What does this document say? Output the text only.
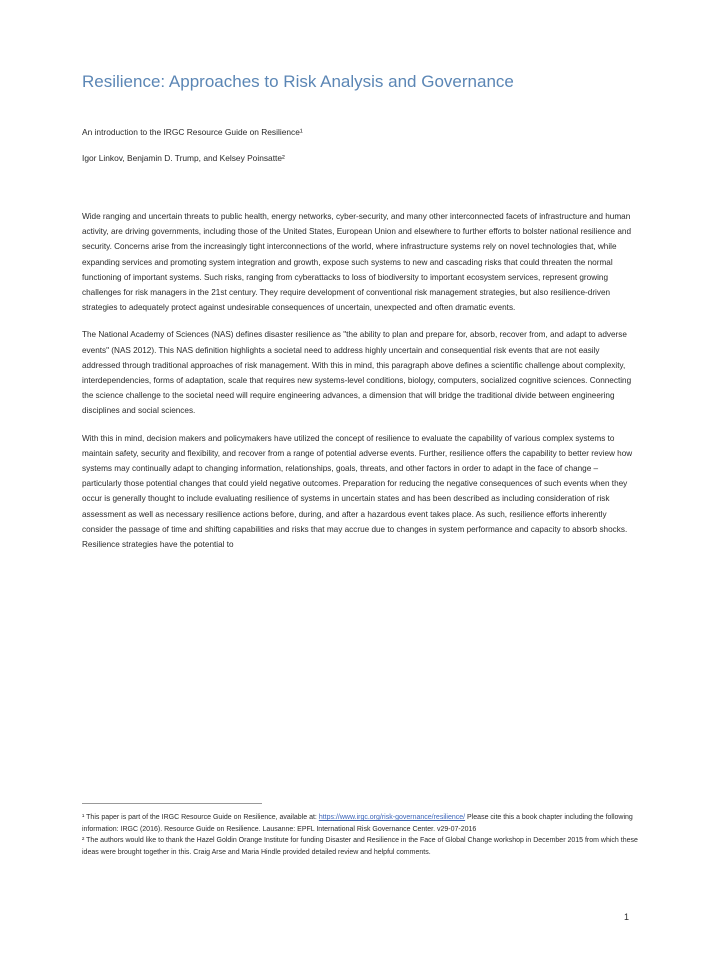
Resilience: Approaches to Risk Analysis and Governance
An introduction to the IRGC Resource Guide on Resilience¹
Igor Linkov, Benjamin D. Trump, and Kelsey Poinsatte²

Wide ranging and uncertain threats to public health, energy networks, cyber-security, and many other interconnected facets of infrastructure and human activity, are driving governments, including those of the United States, European Union and elsewhere to further efforts to bolster national resilience and security. Concerns arise from the increasingly tight interconnections of the world, where infrastructure systems rely on novel technologies that, while expanding services and promoting system integration and growth, expose such systems to new and cascading risks that could threaten the normal functioning of important systems. Such risks, ranging from cyberattacks to loss of biodiversity to important ecosystem services, represent growing challenges for risk managers in the 21st century. They require development of conventional risk management strategies, but also resilience-driven strategies to adequately protect against undesirable consequences of uncertain, unexpected and often dramatic events.

The National Academy of Sciences (NAS) defines disaster resilience as "the ability to plan and prepare for, absorb, recover from, and adapt to adverse events" (NAS 2012). This NAS definition highlights a societal need to address highly uncertain and consequential risk events that are not easily addressed through traditional approaches of risk management. With this in mind, this paragraph above defines a scientific challenge about complexity, interdependencies, forms of adaptation, scale that requires new systems-level conditions, biology, computers, socialized cognitive sciences. Connecting the science challenge to the societal need will require engineering advances, a dimension that will bridge the traditional divide between engineering disciplines and social sciences.

With this in mind, decision makers and policymakers have utilized the concept of resilience to evaluate the capability of various complex systems to maintain safety, security and flexibility, and recover from a range of potential adverse events. Further, resilience offers the capability to better review how systems may continually adapt to changing information, relationships, goals, threats, and other factors in order to adapt in the face of change – particularly those potential changes that could yield negative outcomes. Preparation for reducing the negative consequences of such events when they occur is generally thought to include evaluating resilience of systems in uncertain states and has been described as including consideration of risk assessment as well as necessary resilience actions before, during, and after a hazardous event takes place. As such, resilience efforts inherently consider the passage of time and shifting capabilities and risks that may accrue due to changes in system performance and capacity to absorb shocks. Resilience strategies have the potential to

¹ This paper is part of the IRGC Resource Guide on Resilience, available at: https://www.irgc.org/risk-governance/resilience/ Please cite this a book chapter including the following information: IRGC (2016). Resource Guide on Resilience. Lausanne: EPFL International Risk Governance Center. v29-07-2016

² The authors would like to thank the Hazel Goldin Orange Institute for funding Disaster and Resilience in the Face of Global Change workshop in December 2015 from which these ideas were brought together in this. Craig Arse and Maria Hindle provided detailed review and helpful comments.

1
